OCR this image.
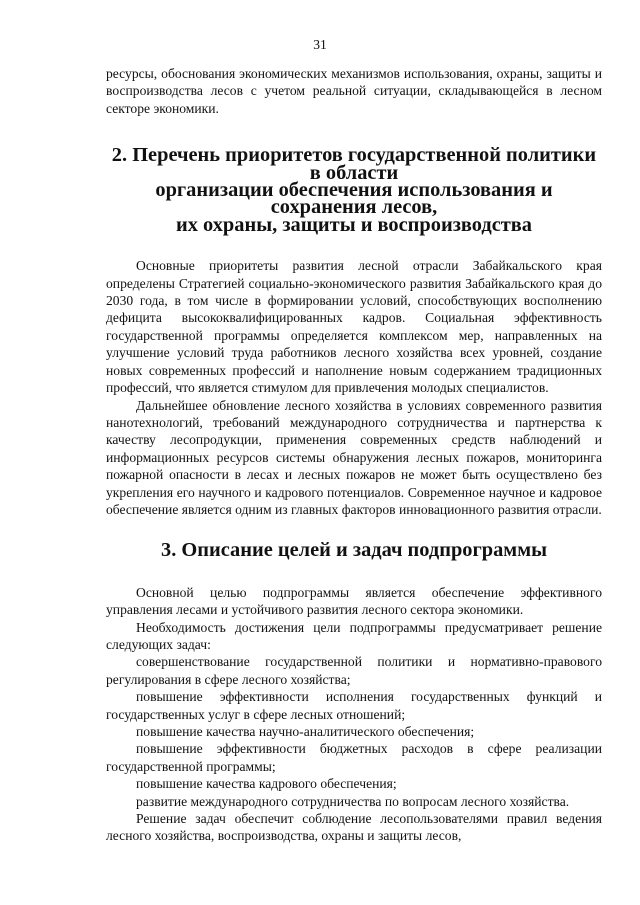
31

ресурсы, обоснования экономических механизмов использования, охраны, защиты и воспроизводства лесов с учетом реальной ситуации, складывающейся в лесном секторе экономики.

2. Перечень приоритетов государственной политики в области
организации обеспечения использования и сохранения лесов,
их охраны, защиты и воспроизводства

Основные приоритеты развития лесной отрасли Забайкальского края определены Стратегией социально-экономического развития Забайкальского края до 2030 года, в том числе в формировании условий, способствующих восполнению дефицита высококвалифицированных кадров. Социальная эффективность государственной программы определяется комплексом мер, направленных на улучшение условий труда работников лесного хозяйства всех уровней, создание новых современных профессий и наполнение новым содержанием традиционных профессий, что является стимулом для привлечения молодых специалистов.

Дальнейшее обновление лесного хозяйства в условиях современного развития нанотехнологий, требований международного сотрудничества и партнерства к качеству лесопродукции, применения современных средств наблюдений и информационных ресурсов системы обнаружения лесных пожаров, мониторинга пожарной опасности в лесах и лесных пожаров не может быть осуществлено без укрепления его научного и кадрового потенциалов. Современное научное и кадровое обеспечение является одним из главных факторов инновационного развития отрасли.

3. Описание целей и задач подпрограммы

Основной целью подпрограммы является обеспечение эффективного управления лесами и устойчивого развития лесного сектора экономики.

Необходимость достижения цели подпрограммы предусматривает решение следующих задач:

совершенствование государственной политики и нормативно-правового регулирования в сфере лесного хозяйства;
повышение эффективности исполнения государственных функций и государственных услуг в сфере лесных отношений;
повышение качества научно-аналитического обеспечения;
повышение эффективности бюджетных расходов в сфере реализации государственной программы;
повышение качества кадрового обеспечения;
развитие международного сотрудничества по вопросам лесного хозяйства.

Решение задач обеспечит соблюдение лесопользователями правил ведения лесного хозяйства, воспроизводства, охраны и защиты лесов,
